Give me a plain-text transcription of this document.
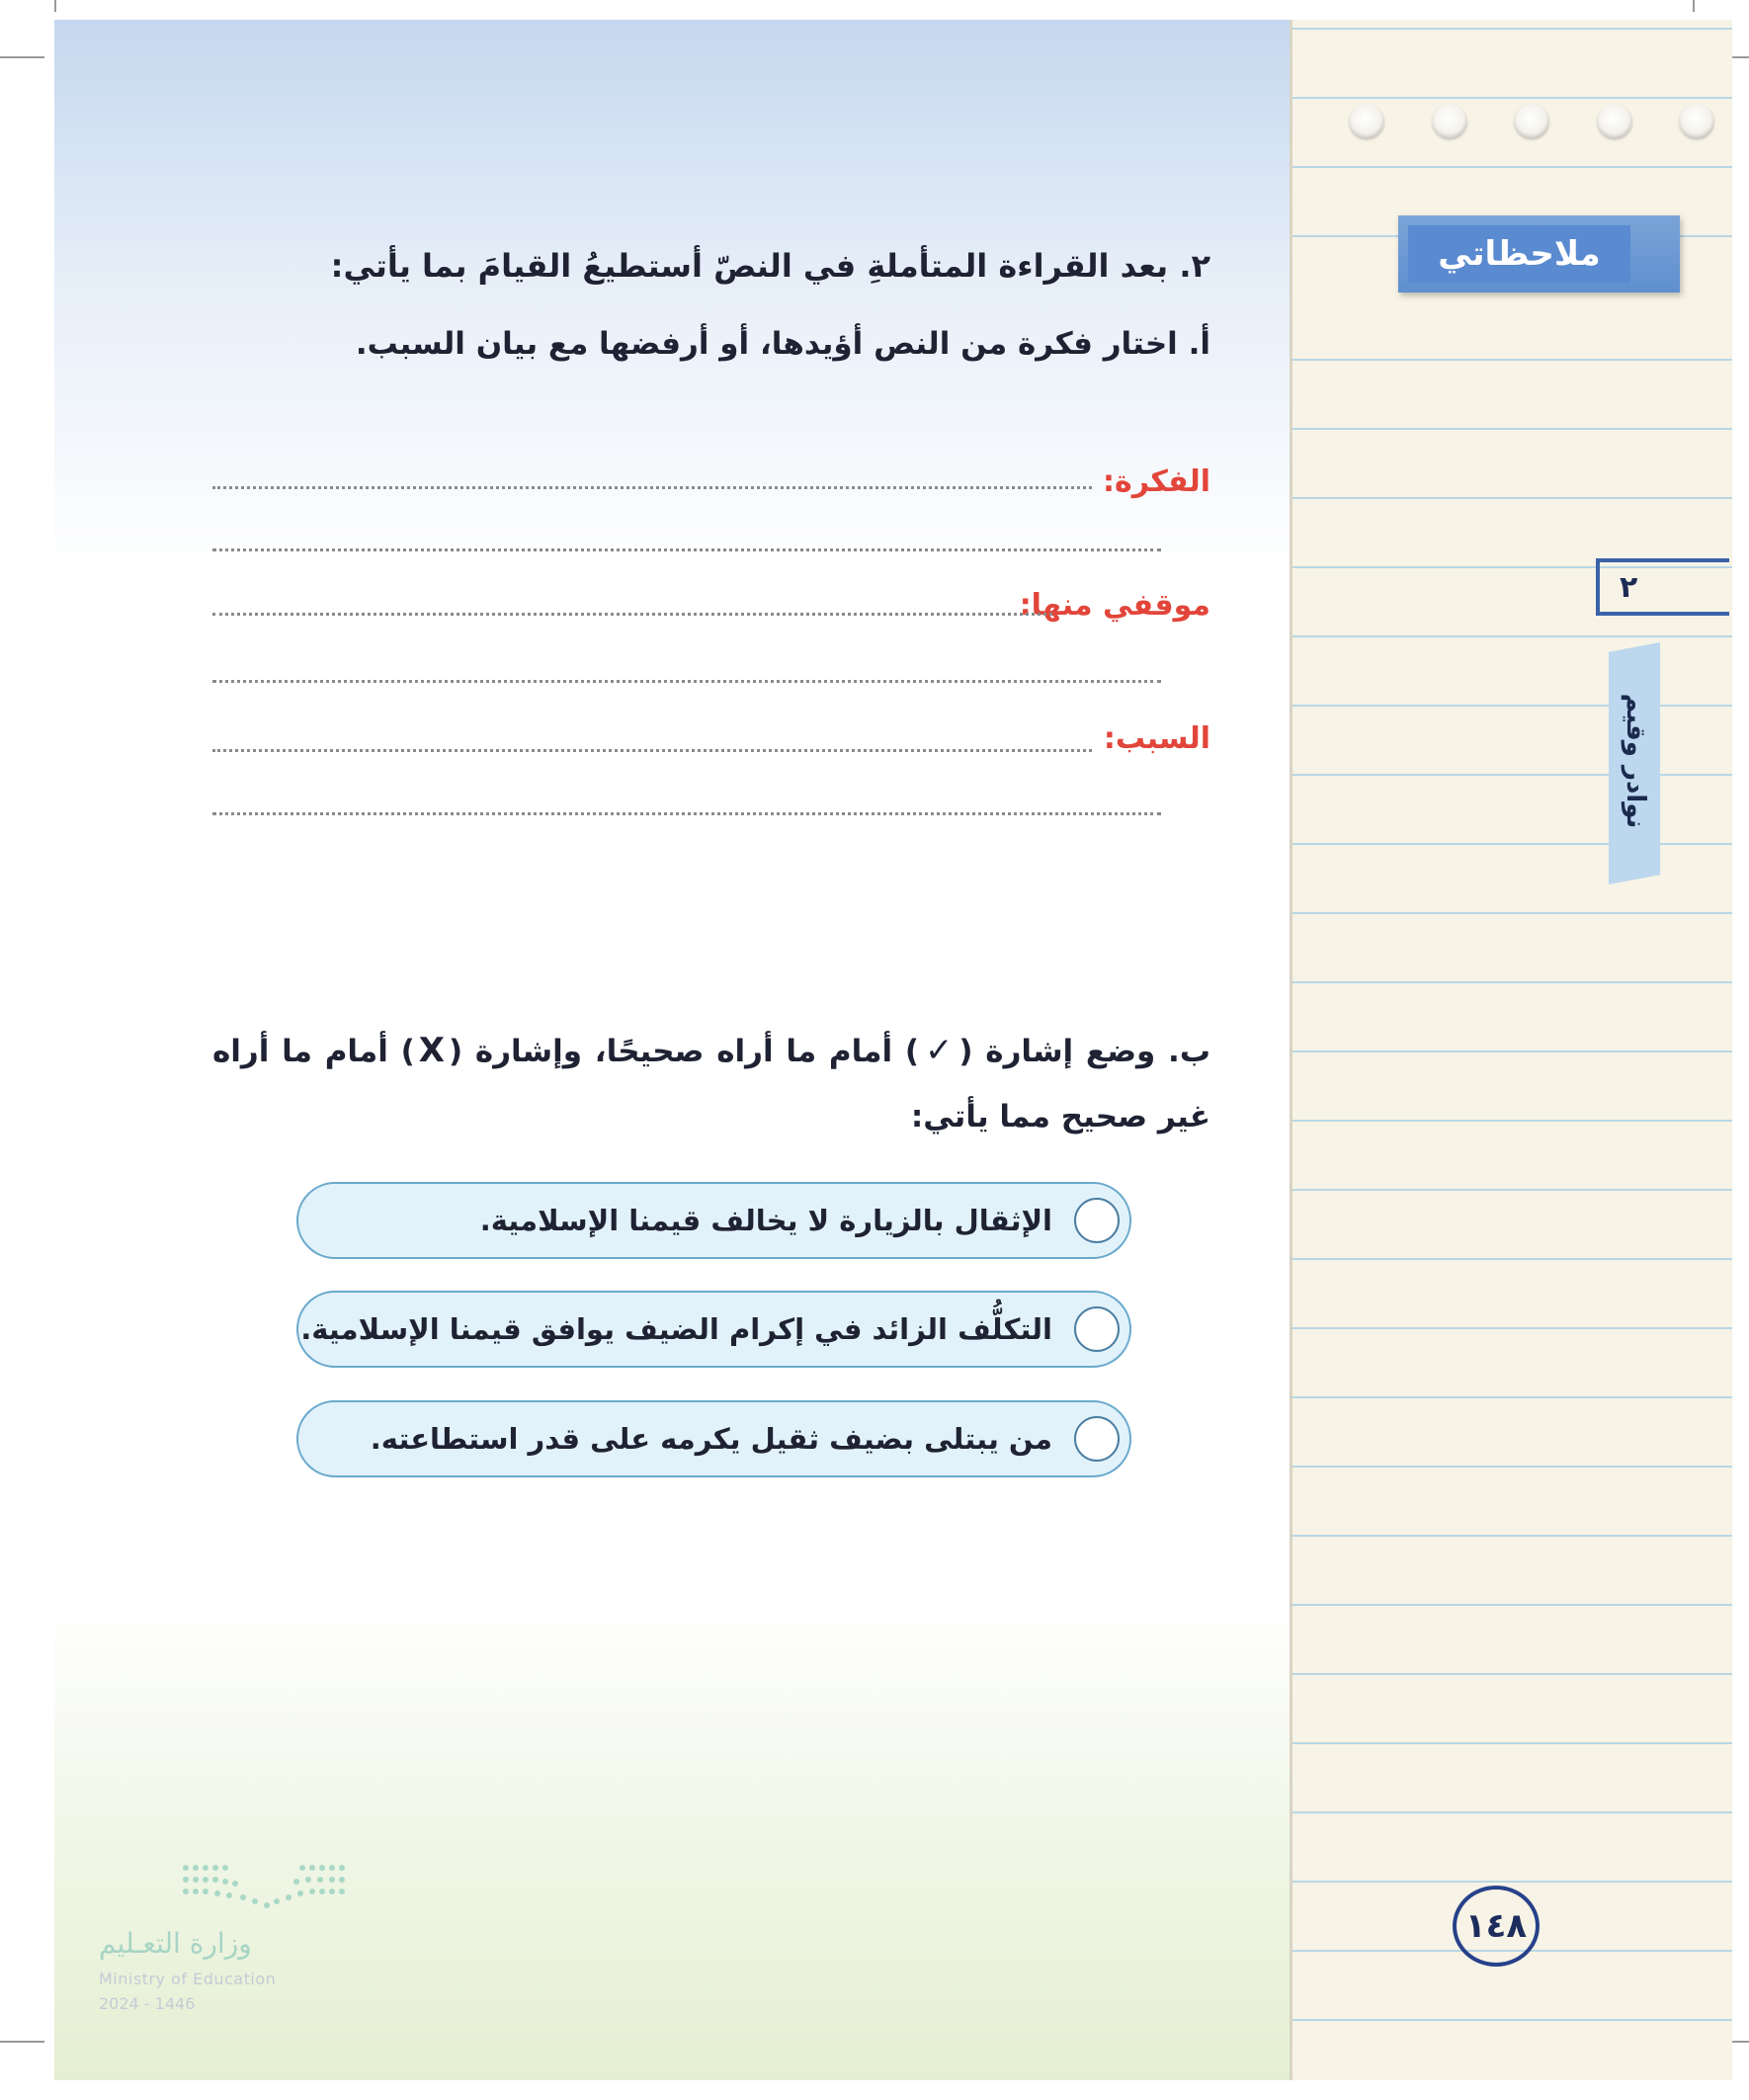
ملاحظاتي
٢
نوادر وقيم
٢. بعد القراءة المتأملةِ في النصّ أستطيعُ القيامَ بما يأتي:
أ. اختار فكرة من النص أؤيدها، أو أرفضها مع بيان السبب.
الفكرة:
موقفي منها:
السبب:
ب. وضع إشارة (✓) أمام ما أراه صحيحًا، وإشارة (X) أمام ما أراه غير صحيح مما يأتي:
الإثقال بالزيارة لا يخالف قيمنا الإسلامية.
التكلُّف الزائد في إكرام الضيف يوافق قيمنا الإسلامية.
من يبتلى بضيف ثقيل يكرمه على قدر استطاعته.
١٤٨
وزارة التعـليم
Ministry of Education
2024 - 1446
